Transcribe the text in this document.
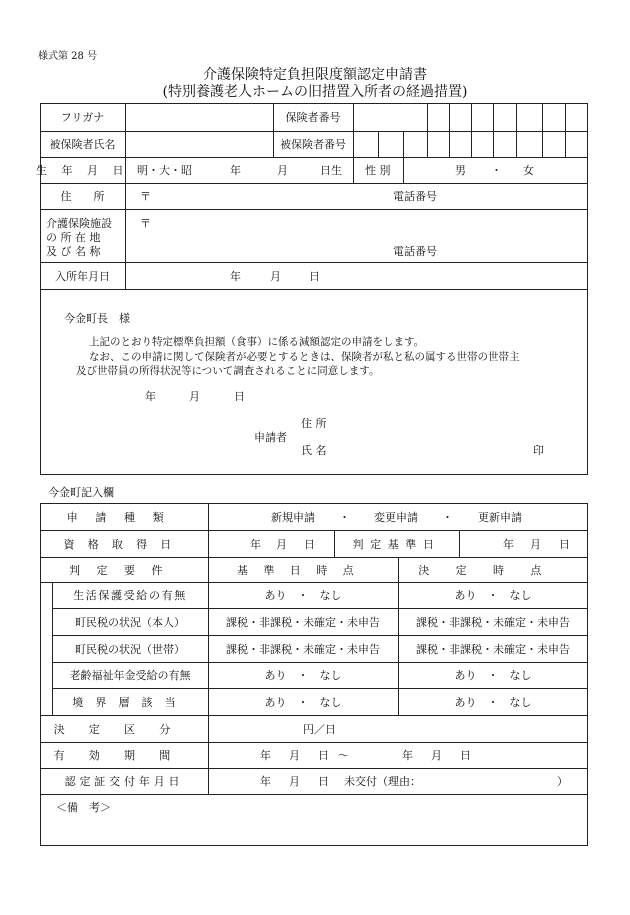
様式第 28 号
介護保険特定負担限度額認定申請書
(特別養護老人ホームの旧措置入所者の経過措置)
フリガナ	保険者番号
被保険者氏名	被保険者番号
生 年 月 日 明・大・昭	年	月	日生 性 別	男 ・ 女
住　　所	〒	電話番号
介護保険施設
の 所 在 地
及 び 名 称
〒
電話番号
入所年月日	年	月	日
今金町長　様
上記のとおり特定標準負担額（食事）に係る減額認定の申請をします。
なお、この申請に関して保険者が必要とするときは、保険者が私と私の属する世帯の世帯主
及び世帯員の所得状況等について調査されることに同意します。
年	月	日
住 所
申請者
氏 名	印
今金町記入欄
申請種類	新規申請 ・ 変更申請 ・ 更新申請
資格取得日	年 月 日	判定基準日	年 月 日
判定要件	基準日時点	決定時点
生活保護受給の有無	あり　・　なし	あり　・　なし
町民税の状況（本人）	課税・非課税・未確定・未申告	課税・非課税・未確定・未申告
町民税の状況（世帯）	課税・非課税・未確定・未申告	課税・非課税・未確定・未申告
老齢福祉年金受給の有無	あり　・　なし	あり　・　なし
境界層該当	あり　・　なし	あり　・　なし
決定区分	円／日
有効期間	年 月 日 〜	年 月 日
認定証交付年月日	年 月 日 未交付（理由：	）
＜備　考＞
